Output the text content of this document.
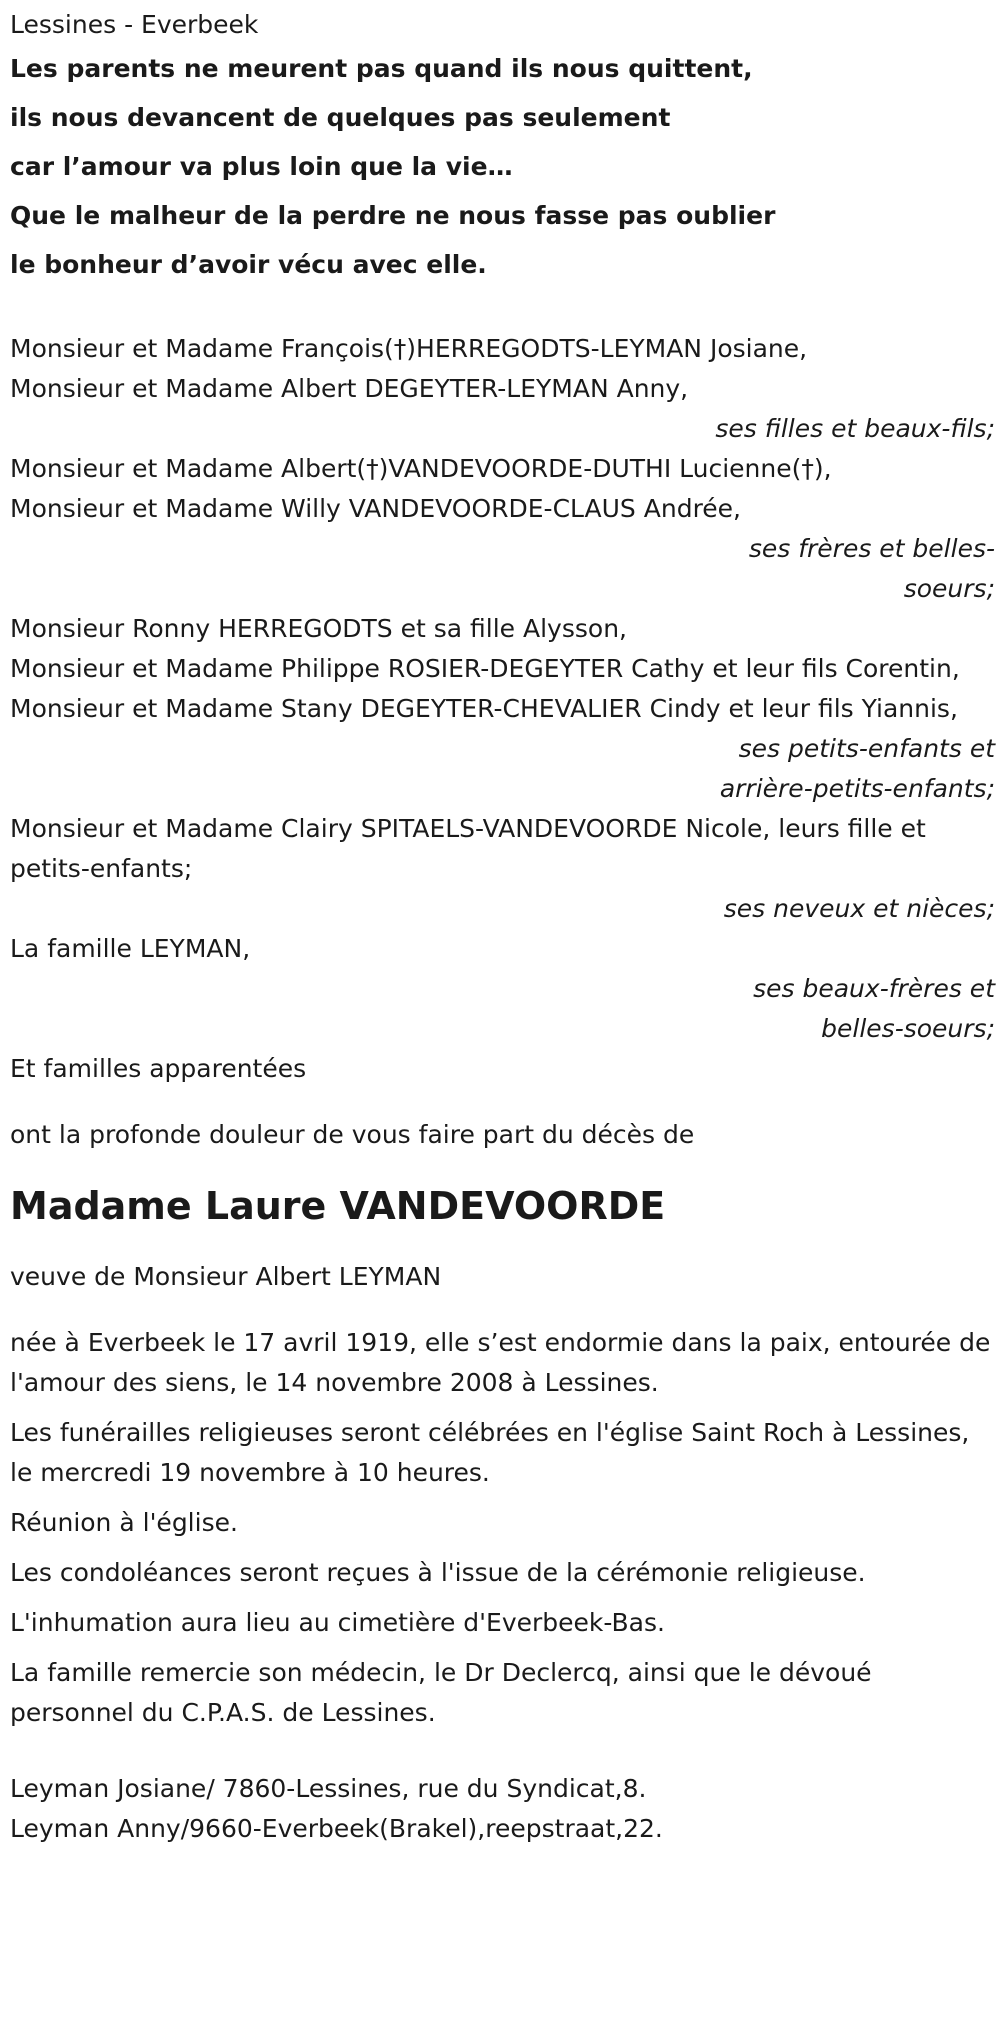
Lessines - Everbeek

Les parents ne meurent pas quand ils nous quittent,

ils nous devancent de quelques pas seulement

car l’amour va plus loin que la vie…

Que le malheur de la perdre ne nous fasse pas oublier

le bonheur d’avoir vécu avec elle.

Monsieur et Madame François(†)HERREGODTS-LEYMAN Josiane,

Monsieur et Madame Albert DEGEYTER-LEYMAN Anny,

ses filles et beaux-fils;

Monsieur et Madame Albert(†)VANDEVOORDE-DUTHI Lucienne(†),

Monsieur et Madame Willy VANDEVOORDE-CLAUS Andrée,

ses frères et belles-soeurs;

Monsieur Ronny HERREGODTS et sa fille Alysson,

Monsieur et Madame Philippe ROSIER-DEGEYTER Cathy et leur fils Corentin,

Monsieur et Madame Stany DEGEYTER-CHEVALIER Cindy et leur fils Yiannis,

ses petits-enfants et arrière-petits-enfants;

Monsieur et Madame Clairy SPITAELS-VANDEVOORDE Nicole, leurs fille et petits-enfants;

ses neveux et nièces;

La famille LEYMAN,

ses beaux-frères et belles-soeurs;

Et familles apparentées

ont la profonde douleur de vous faire part du décès de

Madame Laure VANDEVOORDE

veuve de Monsieur Albert LEYMAN

née à Everbeek le 17 avril 1919, elle s’est endormie dans la paix, entourée de l'amour des siens, le 14 novembre 2008 à Lessines.

Les funérailles religieuses seront célébrées en l'église Saint Roch à Lessines, le mercredi 19 novembre à 10 heures.

Réunion à l'église.

Les condoléances seront reçues à l'issue de la cérémonie religieuse.

L'inhumation aura lieu au cimetière d'Everbeek-Bas.

La famille remercie son médecin, le Dr Declercq, ainsi que le dévoué personnel du C.P.A.S. de Lessines.

Leyman Josiane/ 7860-Lessines, rue du Syndicat,8.

Leyman Anny/9660-Everbeek(Brakel),reepstraat,22.
